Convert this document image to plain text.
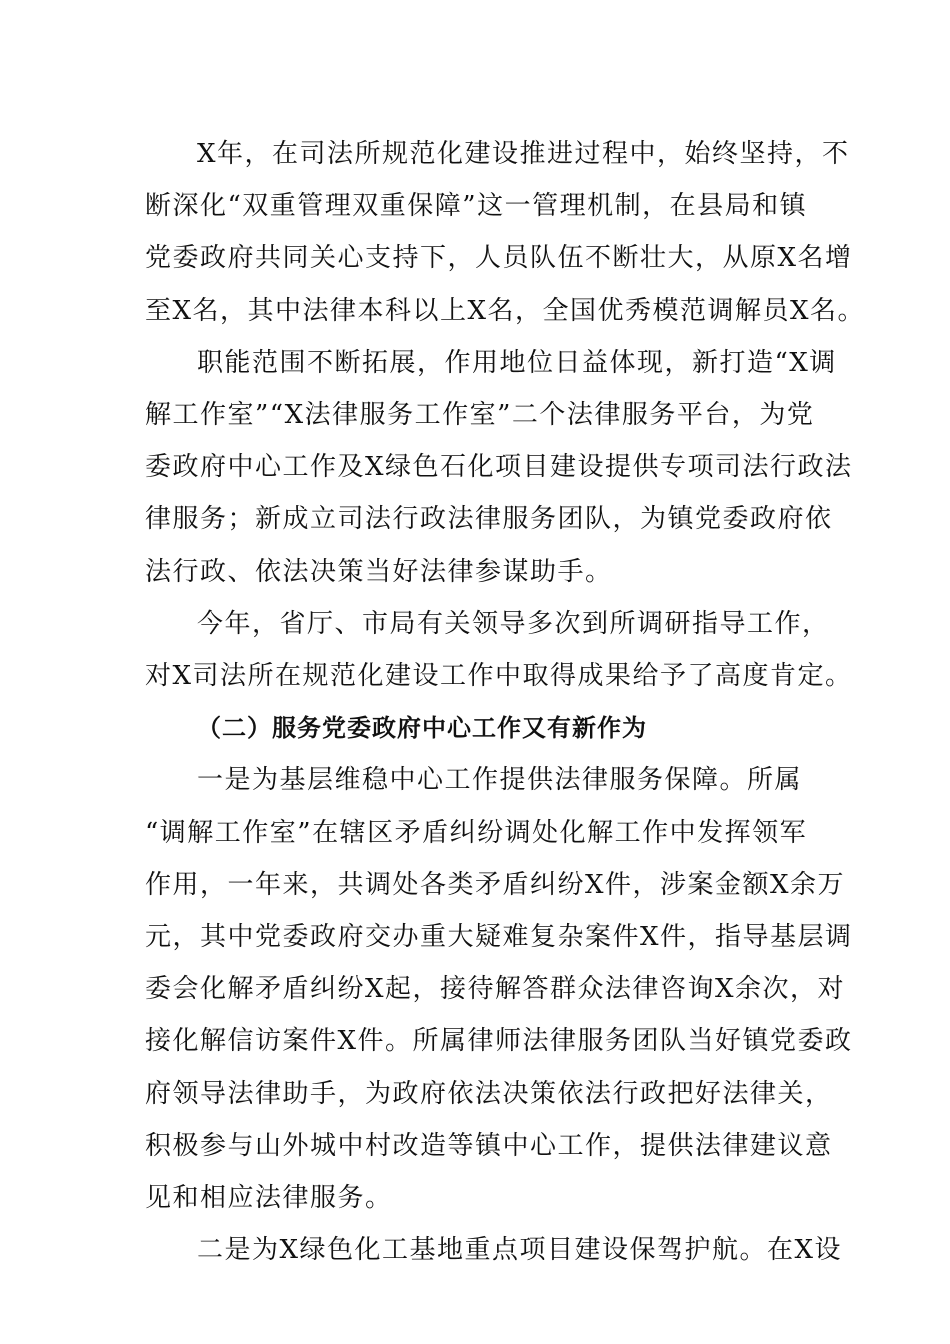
X年，在司法所规范化建设推进过程中，始终坚持，不
断深化“双重管理双重保障”这一管理机制，在县局和镇
党委政府共同关心支持下，人员队伍不断壮大，从原X名增
至X名，其中法律本科以上X名，全国优秀模范调解员X名。

职能范围不断拓展，作用地位日益体现，新打造“X调
解工作室”“X法律服务工作室”二个法律服务平台，为党
委政府中心工作及X绿色石化项目建设提供专项司法行政法
律服务；新成立司法行政法律服务团队，为镇党委政府依
法行政、依法决策当好法律参谋助手。

今年，省厅、市局有关领导多次到所调研指导工作，
对X司法所在规范化建设工作中取得成果给予了高度肯定。

（二）服务党委政府中心工作又有新作为

一是为基层维稳中心工作提供法律服务保障。所属
“调解工作室”在辖区矛盾纠纷调处化解工作中发挥领军
作用，一年来，共调处各类矛盾纠纷X件，涉案金额X余万
元，其中党委政府交办重大疑难复杂案件X件，指导基层调
委会化解矛盾纠纷X起，接待解答群众法律咨询X余次，对
接化解信访案件X件。所属律师法律服务团队当好镇党委政
府领导法律助手，为政府依法决策依法行政把好法律关，
积极参与山外城中村改造等镇中心工作，提供法律建议意
见和相应法律服务。

二是为X绿色化工基地重点项目建设保驾护航。在X设
